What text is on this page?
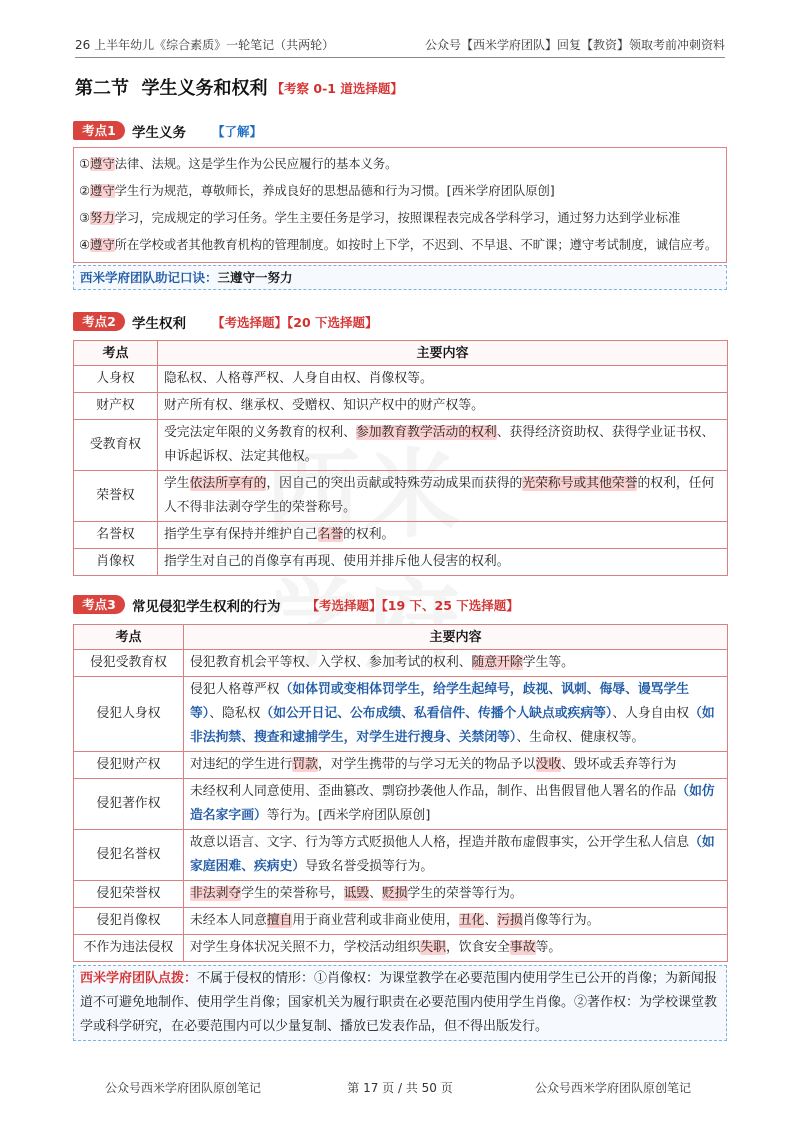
26 上半年幼儿《综合素质》一轮笔记（共两轮）	公众号【西米学府团队】回复【教资】领取考前冲刺资料
第二节  学生义务和权利 【考察 0-1 道选择题】
考点1	学生义务 【了解】
①遵守法律、法规。这是学生作为公民应履行的基本义务。
②遵守学生行为规范，尊敬师长，养成良好的思想品德和行为习惯。[西米学府团队原创]
③努力学习，完成规定的学习任务。学生主要任务是学习，按照课程表完成各学科学习，通过努力达到学业标准
④遵守所在学校或者其他教育机构的管理制度。如按时上下学，不迟到、不早退、不旷课；遵守考试制度，诚信应考。
西米学府团队助记口诀：三遵守一努力
考点2	学生权利 【考选择题】【20 下选择题】
考点	主要内容
人身权	隐私权、人格尊严权、人身自由权、肖像权等。
财产权	财产所有权、继承权、受赠权、知识产权中的财产权等。
受教育权	受完法定年限的义务教育的权利、参加教育教学活动的权利、获得经济资助权、获得学业证书权、申诉起诉权、法定其他权。
荣誉权	学生依法所享有的，因自己的突出贡献或特殊劳动成果而获得的光荣称号或其他荣誉的权利，任何人不得非法剥夺学生的荣誉称号。
名誉权	指学生享有保持并维护自己名誉的权利。
肖像权	指学生对自己的肖像享有再现、使用并排斥他人侵害的权利。
考点3	常见侵犯学生权利的行为 【考选择题】【19 下、25 下选择题】
考点	主要内容
侵犯受教育权	侵犯教育机会平等权、入学权、参加考试的权利、随意开除学生等。
侵犯人身权	侵犯人格尊严权（如体罚或变相体罚学生，给学生起绰号，歧视、讽刺、侮辱、谩骂学生等）、隐私权（如公开日记、公布成绩、私看信件、传播个人缺点或疾病等）、人身自由权（如非法拘禁、搜查和逮捕学生，对学生进行搜身、关禁闭等）、生命权、健康权等。
侵犯财产权	对违纪的学生进行罚款，对学生携带的与学习无关的物品予以没收、毁坏或丢弃等行为
侵犯著作权	未经权利人同意使用、歪曲篡改、剽窃抄袭他人作品，制作、出售假冒他人署名的作品（如仿造名家字画）等行为。[西米学府团队原创]
侵犯名誉权	故意以语言、文字、行为等方式贬损他人人格，捏造并散布虚假事实，公开学生私人信息（如家庭困难、疾病史）导致名誉受损等行为。
侵犯荣誉权	非法剥夺学生的荣誉称号，诋毁、贬损学生的荣誉等行为。
侵犯肖像权	未经本人同意擅自用于商业营利或非商业使用，丑化、污损肖像等行为。
不作为违法侵权	对学生身体状况关照不力，学校活动组织失职，饮食安全事故等。
西米学府团队点拨：不属于侵权的情形：①肖像权：为课堂教学在必要范围内使用学生已公开的肖像；为新闻报道不可避免地制作、使用学生肖像；国家机关为履行职责在必要范围内使用学生肖像。②著作权：为学校课堂教学或科学研究，在必要范围内可以少量复制、播放已发表作品，但不得出版发行。
公众号西米学府团队原创笔记	第 17 页 / 共 50 页	公众号西米学府团队原创笔记
